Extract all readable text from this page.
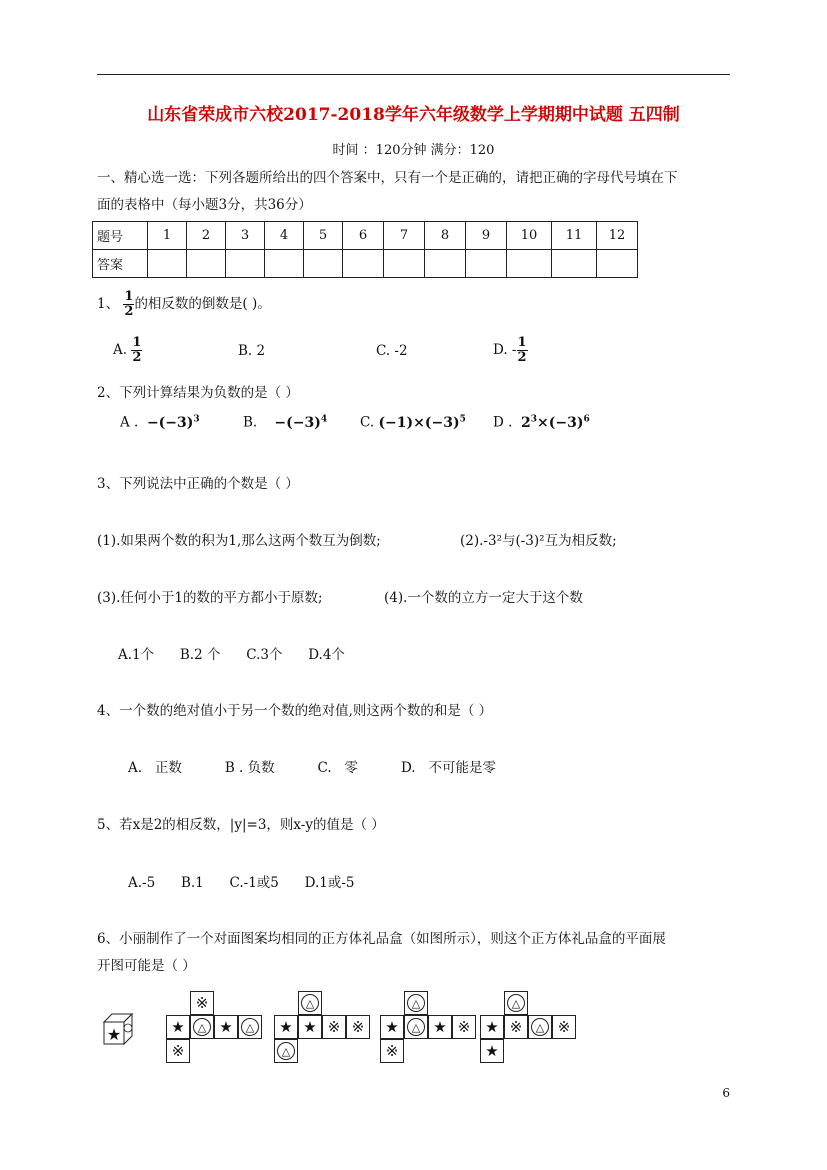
山东省荣成市六校2017-2018学年六年级数学上学期期中试题 五四制
时间 ：120分钟 满分：120
一、精心选一选：下列各题所给出的四个答案中，只有一个是正确的，请把正确的字母代号填在下
面的表格中（每小题3分，共36分）
题号	1	2	3	4	5	6	7	8	9	10	11	12
答案												
1、 $\frac{1}{2}$ 的相反数的倒数是( )。
A. $\frac{1}{2}$	B. 2	C. -2	D. - $\frac{1}{2}$
2、下列计算结果为负数的是（ ）
A . $-(-3)^3$	B. $-(-3)^4$ C. $(-1)\times(-3)^5$ D . $2^3\times(-3)^6$
3、下列说法中正确的个数是（ ）
(1).如果两个数的积为1,那么这两个数互为倒数;	(2).-3²与(-3)²互为相反数;
(3).任何小于1的数的平方都小于原数;	(4).一个数的立方一定大于这个数
A.1个      B.2 个      C.3个      D.4个
4、一个数的绝对值小于另一个数的绝对值,则这两个数的和是（ ）
A.   正数          B . 负数          C.   零          D.   不可能是零
5、若x是2的相反数，|y|=3，则x-y的值是（ ）
A.-5      B.1      C.-1或5      D.1或-5
6、小丽制作了一个对面图案均相同的正方体礼品盒（如图所示），则这个正方体礼品盒的平面展
开图可能是（ ）
★
※
★	△ ★	△
※
△
★ ★ ※ ※
△
△
★	△ ★ ※
※
△
★ ※	△ ※
★
6
